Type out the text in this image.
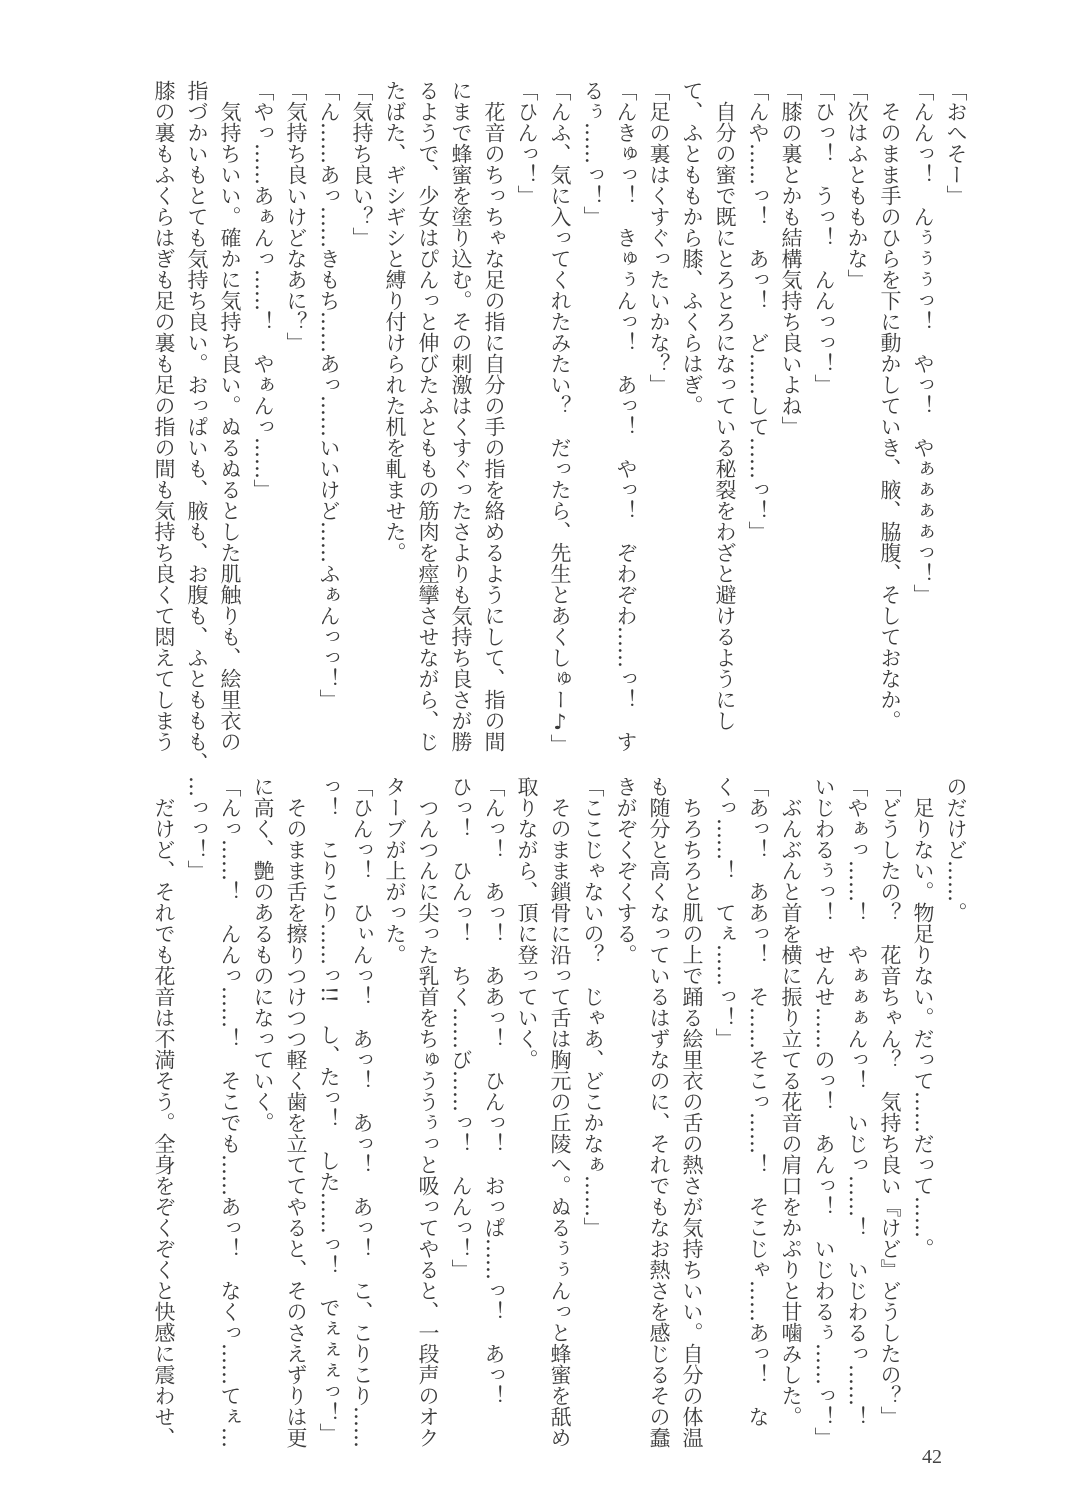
「おへそー」
「んんっ！　んぅぅぅっ！　やっ！　やぁぁぁぁっ！」
　そのまま手のひらを下に動かしていき、腋、脇腹、そしておなか。
「次はふとももかな」
「ひっ！　うっ！　んんっっ！」
「膝の裏とかも結構気持ち良いよね」
「んや……っ！　あっ！　ど……して……っ！」
　自分の蜜で既にとろとろになっている秘裂をわざと避けるようにし
て、ふとももから膝、ふくらはぎ。
「足の裏はくすぐったいかな？」
「んきゅっ！　きゅぅんっ！　あっ！　やっ！　ぞわぞわ……っ！　す
るぅ……っ！」
「んふ、気に入ってくれたみたい？　だったら、先生とあくしゅー♪」
「ひんっ！」
　花音のちっちゃな足の指に自分の手の指を絡めるようにして、指の間
にまで蜂蜜を塗り込む。その刺激はくすぐったさよりも気持ち良さが勝
るようで、少女はぴんっと伸びたふとももの筋肉を痙攣させながら、じ
たばた、ギシギシと縛り付けられた机を軋ませた。
「気持ち良い？」
「ん……あっ……きもち……あっ……いいけど……ふぁんっっ！」
「気持ち良いけどなあに？」
「やっ……あぁんっ……！　やぁんっ……」
　気持ちいい。確かに気持ち良い。ぬるぬるとした肌触りも、絵里衣の
指づかいもとても気持ち良い。おっぱいも、腋も、お腹も、ふとももも、
膝の裏もふくらはぎも足の裏も足の指の間も気持ち良くて悶えてしまう
のだけど……。
　足りない。物足りない。だって……だって……。
「どうしたの？　花音ちゃん？　気持ち良い『けど』どうしたの？」
「やぁっ……！　やぁぁぁんっ！　いじっ……！　いじわるっ……！
いじわるぅっ！　せんせ……のっ！　あんっ！　いじわるぅ……っ！」
　ぶんぶんと首を横に振り立てる花音の肩口をかぷりと甘噛みした。
「あっ！　ああっ！　そ……そこっ……！　そこじゃ……あっ！　な
くっ……！　てぇ……っ！」
　ちろちろと肌の上で踊る絵里衣の舌の熱さが気持ちいい。自分の体温
も随分と高くなっているはずなのに、それでもなお熱さを感じるその蠢
きがぞくぞくする。
「ここじゃないの？　じゃあ、どこかなぁ……」
　そのまま鎖骨に沿って舌は胸元の丘陵へ。ぬるぅぅんっと蜂蜜を舐め
取りながら、頂に登っていく。
「んっ！　あっ！　ああっ！　ひんっ！　おっぱ……っ！　あっ！
ひっ！　ひんっ！　ちく……び……っ！　んんっ！」
　つんつんに尖った乳首をちゅううぅっと吸ってやると、一段声のオク
ターブが上がった。
「ひんっ！　ひぃんっ！　あっ！　あっ！　あっ！　こ、こりこり……
っ！　こりこり……っ!!　し、たっ！　した……っ！　でぇぇぇっ！」
　そのまま舌を擦りつけつつ軽く歯を立ててやると、そのさえずりは更
に高く、艶のあるものになっていく。
「んっ……！　んんっ……！　そこでも……あっ！　なくっ……てぇ…
…っっ！」
　だけど、それでも花音は不満そう。全身をぞくぞくと快感に震わせ、
42
